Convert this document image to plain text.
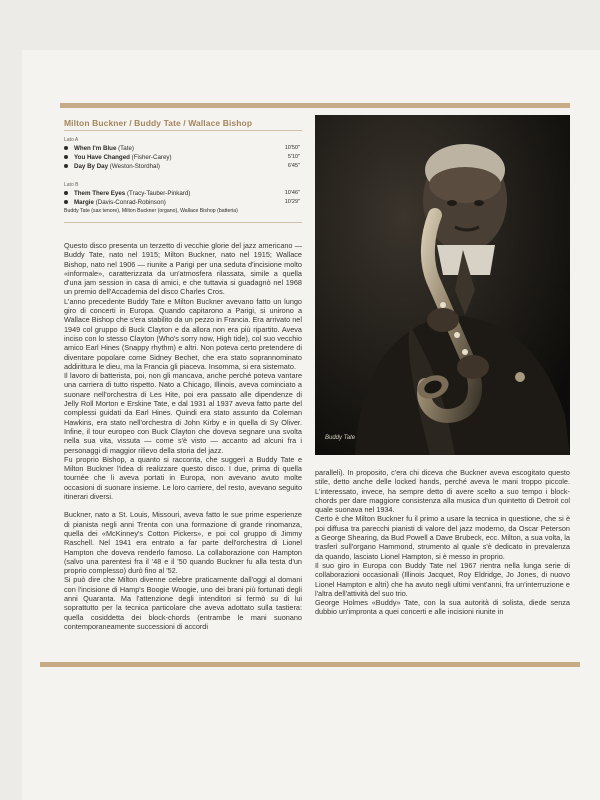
Milton Buckner / Buddy Tate / Wallace Bishop
Lato A
When I'm Blue (Tate)	10'50"
You Have Changed (Fisher-Carey)	5'10"
Day By Day (Weston-Stordhal)	6'45"
Lato B
Them There Eyes (Tracy-Tauber-Pinkard)	10'46"
Margie (Davis-Conrad-Robinson)	10'29"
Buddy Tate (sax tenore), Milton Buckner (organo), Wallace Bishop (batteria)
Buddy Tate

Questo disco presenta un terzetto di vecchie glorie del jazz americano — Buddy Tate, nato nel 1915; Milton Buckner, nato nel 1915; Wallace Bishop, nato nel 1906 — riunite a Parigi per una seduta d'incisione molto «informale», caratterizzata da un'atmosfera rilassata, simile a quella d'una jam session in casa di amici, e che tuttavia si guadagnò nel 1968 un premio dell'Accademia del disco Charles Cros.

L'anno precedente Buddy Tate e Milton Buckner avevano fatto un lungo giro di concerti in Europa. Quando capitarono a Parigi, si unirono a Wallace Bishop che s'era stabilito da un pezzo in Francia. Era arrivato nel 1949 col gruppo di Buck Clayton e da allora non era più ripartito. Aveva inciso con lo stesso Clayton (Who's sorry now, High tide), col suo vecchio amico Earl Hines (Snappy rhythm) e altri. Non poteva certo pretendere di diventare popolare come Sidney Bechet, che era stato soprannominato addirittura le dieu, ma la Francia gli piaceva. Insomma, si era sistemato.

Il lavoro di batterista, poi, non gli mancava, anche perché poteva vantare una carriera di tutto rispetto. Nato a Chicago, Illinois, aveva cominciato a suonare nell'orchestra di Les Hite, poi era passato alle dipendenze di Jelly Roll Morton e Erskine Tate, e dal 1931 al 1937 aveva fatto parte del complessi guidati da Earl Hines. Quindi era stato assunto da Coleman Hawkins, era stato nell'orchestra di John Kirby e in quella di Sy Oliver. Infine, il tour europeo con Buck Clayton che doveva segnare una svolta nella sua vita, vissuta — come s'è visto — accanto ad alcuni fra i personaggi di maggior rilievo della storia del jazz.

Fu proprio Bishop, a quanto si racconta, che suggerì a Buddy Tate e Milton Buckner l'idea di realizzare questo disco. I due, prima di quella tournée che li aveva portati in Europa, non avevano avuto molte occasioni di suonare insieme. Le loro carriere, del resto, avevano seguito itinerari diversi.

Buckner, nato a St. Louis, Missouri, aveva fatto le sue prime esperienze di pianista negli anni Trenta con una formazione di grande rinomanza, quella dei «McKinney's Cotton Pickers», e poi col gruppo di Jimmy Raschell. Nel 1941 era entrato a far parte dell'orchestra di Lionel Hampton che doveva renderlo famoso. La collaborazione con Hampton (salvo una parentesi fra il '48 e il '50 quando Buckner fu alla testa d'un proprio complesso) durò fino al '52.

Si può dire che Milton divenne celebre praticamente dall'oggi al domani con l'incisione di Hamp's Boogie Woogie, uno dei brani più fortunati degli anni Quaranta. Ma l'attenzione degli intenditori si fermò su di lui soprattutto per la tecnica particolare che aveva adottato sulla tastiera: quella cosiddetta dei block-chords (entrambe le mani suonano contemporaneamente successioni di accordi

paralleli). In proposito, c'era chi diceva che Buckner aveva escogitato questo stile, detto anche delle locked hands, perché aveva le mani troppo piccole. L'interessato, invece, ha sempre detto di avere scelto a suo tempo i block-chords per dare maggiore consistenza alla musica d'un quintetto di Detroit col quale suonava nel 1934.

Certo è che Milton Buckner fu il primo a usare la tecnica in questione, che si è poi diffusa tra parecchi pianisti di valore del jazz moderno, da Oscar Peterson a George Shearing, da Bud Powell a Dave Brubeck, ecc. Milton, a sua volta, la trasferì sull'organo Hammond, strumento al quale s'è dedicato in prevalenza da quando, lasciato Lionel Hampton, si è messo in proprio.

Il suo giro in Europa con Buddy Tate nel 1967 rientra nella lunga serie di collaborazioni occasionali (Illinois Jacquet, Roy Eldridge, Jo Jones, di nuovo Lionel Hampton e altri) che ha avuto negli ultimi vent'anni, fra un'interruzione e l'altra dell'attività del suo trio.

George Holmes «Buddy» Tate, con la sua autorità di solista, diede senza dubbio un'impronta a quei concerti e alle incisioni riunite in
